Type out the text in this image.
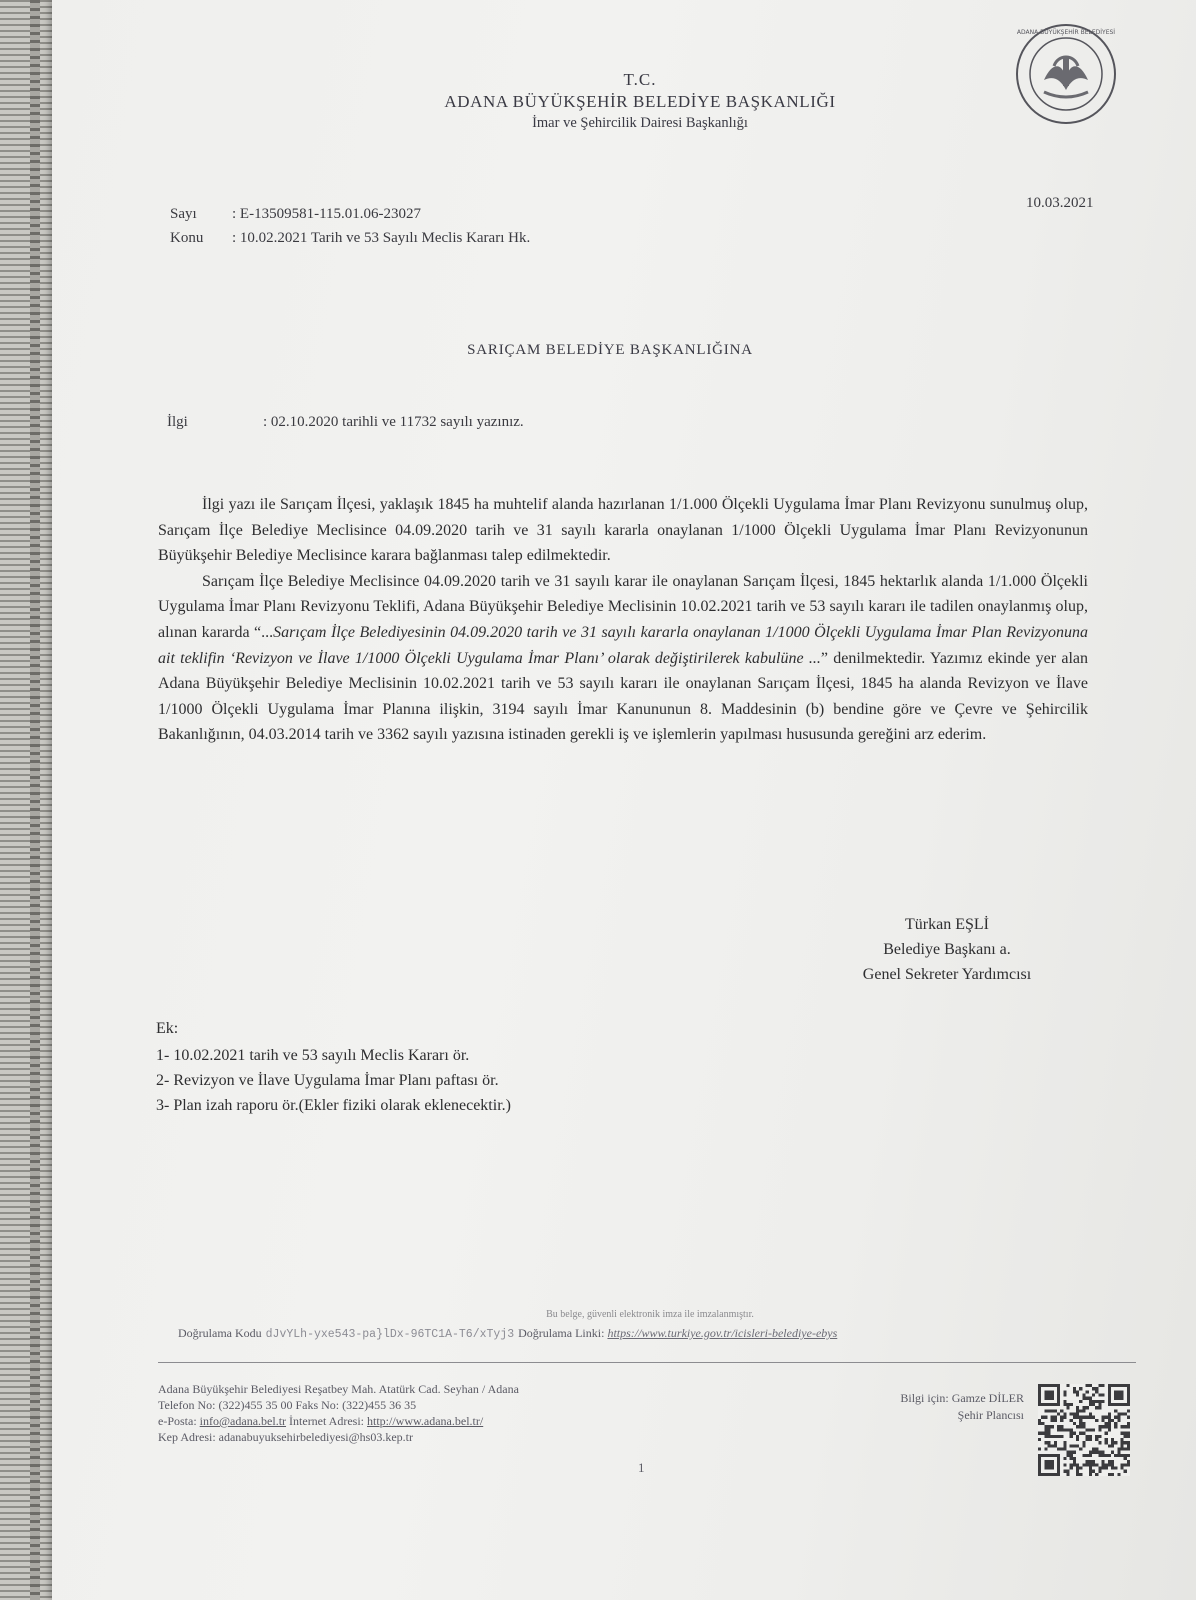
ADANA BÜYÜKŞEHİR BELEDİYESİ
T.C.
ADANA BÜYÜKŞEHİR BELEDİYE BAŞKANLIĞI
İmar ve Şehircilik Dairesi Başkanlığı
Sayı : E-13509581-115.01.06-23027
Konu : 10.02.2021 Tarih ve 53 Sayılı Meclis Kararı Hk.
10.03.2021
SARIÇAM BELEDİYE BAŞKANLIĞINA
İlgi	: 02.10.2020 tarihli ve 11732 sayılı yazınız.

İlgi yazı ile Sarıçam İlçesi, yaklaşık 1845 ha muhtelif alanda hazırlanan 1/1.000 Ölçekli Uygulama İmar Planı Revizyonu sunulmuş olup, Sarıçam İlçe Belediye Meclisince 04.09.2020 tarih ve 31 sayılı kararla onaylanan 1/1000 Ölçekli Uygulama İmar Planı Revizyonunun Büyükşehir Belediye Meclisince karara bağlanması talep edilmektedir.

Sarıçam İlçe Belediye Meclisince 04.09.2020 tarih ve 31 sayılı karar ile onaylanan Sarıçam İlçesi, 1845 hektarlık alanda 1/1.000 Ölçekli Uygulama İmar Planı Revizyonu Teklifi, Adana Büyükşehir Belediye Meclisinin 10.02.2021 tarih ve 53 sayılı kararı ile tadilen onaylanmış olup, alınan kararda “...Sarıçam İlçe Belediyesinin 04.09.2020 tarih ve 31 sayılı kararla onaylanan 1/1000 Ölçekli Uygulama İmar Plan Revizyonuna ait teklifin ‘Revizyon ve İlave 1/1000 Ölçekli Uygulama İmar Planı’ olarak değiştirilerek kabulüne ...” denilmektedir. Yazımız ekinde yer alan Adana Büyükşehir Belediye Meclisinin 10.02.2021 tarih ve 53 sayılı kararı ile onaylanan Sarıçam İlçesi, 1845 ha alanda Revizyon ve İlave 1/1000 Ölçekli Uygulama İmar Planına ilişkin, 3194 sayılı İmar Kanununun 8. Maddesinin (b) bendine göre ve Çevre ve Şehircilik Bakanlığının, 04.03.2014 tarih ve 3362 sayılı yazısına istinaden gerekli iş ve işlemlerin yapılması hususunda gereğini arz ederim.

Türkan EŞLİ
Belediye Başkanı a.
Genel Sekreter Yardımcısı
Ek:
1- 10.02.2021 tarih ve 53 sayılı Meclis Kararı ör.
2- Revizyon ve İlave Uygulama İmar Planı paftası ör.
3- Plan izah raporu ör.(Ekler fiziki olarak eklenecektir.)
Bu belge, güvenli elektronik imza ile imzalanmıştır.
Doğrulama Kodu dJvYLh-yxe543-pa}lDx-96TC1A-T6/xTyj3 Doğrulama Linki: https://www.turkiye.gov.tr/icisleri-belediye-ebys
Adana Büyükşehir Belediyesi Reşatbey Mah. Atatürk Cad. Seyhan / Adana
Telefon No: (322)455 35 00 Faks No: (322)455 36 35
e-Posta: info@adana.bel.tr İnternet Adresi: http://www.adana.bel.tr/
Kep Adresi: adanabuyuksehirbelediyesi@hs03.kep.tr
Bilgi için: Gamze DİLER
Şehir Plancısı
1
